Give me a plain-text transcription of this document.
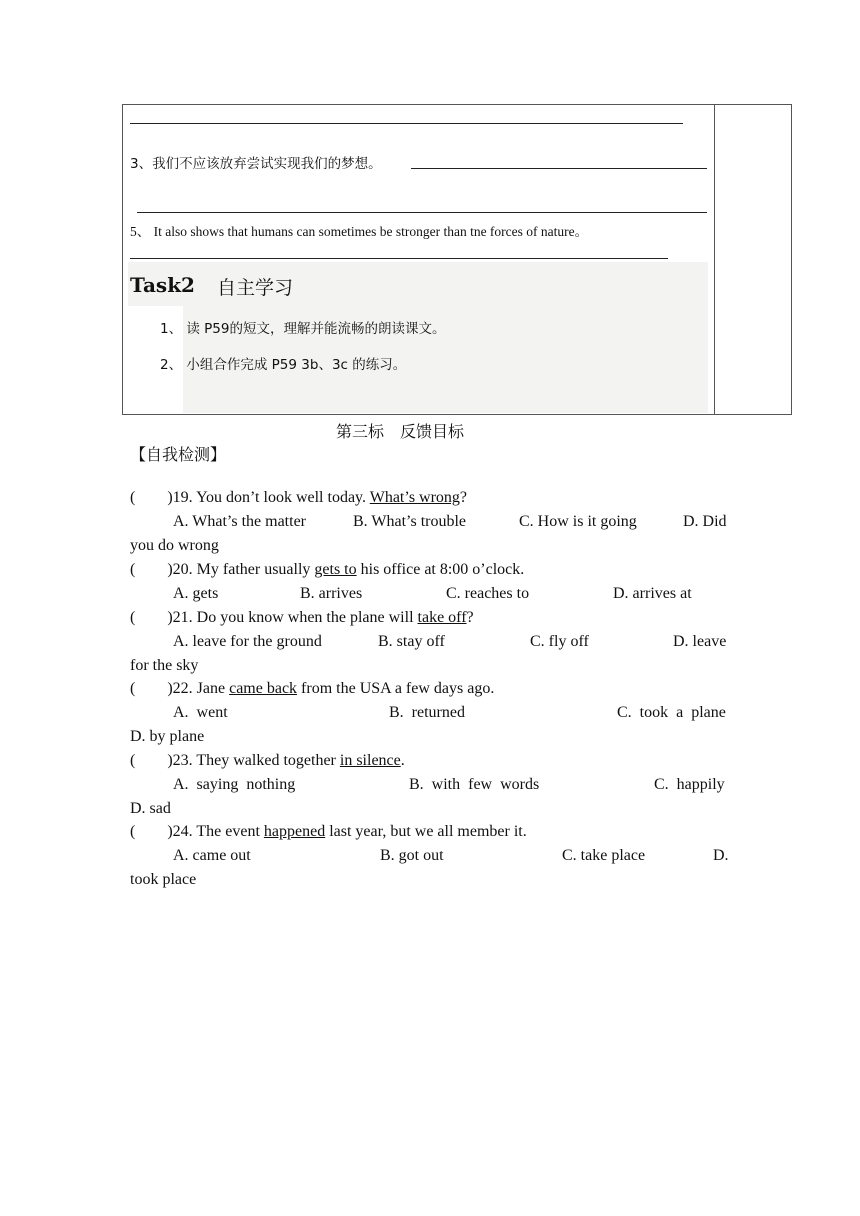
3、我们不应该放弃尝试实现我们的梦想。
5、 It also shows that humans can sometimes be stronger than tne forces of nature。
Task2 自主学习
1、 读 P59的短文，理解并能流畅的朗读课文。
2、 小组合作完成 P59 3b、3c 的练习。
第三标　反馈目标
【自我检测】
(        )19. You don’t look well today. What’s wrong?
A. What’s the matter	B. What’s trouble	C. How is it going	D. Did
you do wrong
(        )20. My father usually gets to his office at 8:00 o’clock.
A. gets	B. arrives	C. reaches to	D. arrives at
(        )21. Do you know when the plane will take off?
A. leave for the ground	B. stay off	C. fly off	D. leave
for the sky
(        )22. Jane came back from the USA a few days ago.
A.  went	B.  returned	C.  took  a  plane
D. by plane
(        )23. They walked together in silence.
A.  saying  nothing	B.  with  few  words	C.  happily
D. sad
(        )24. The event happened last year, but we all member it.
A. came out	B. got out	C. take place	D.
took place
